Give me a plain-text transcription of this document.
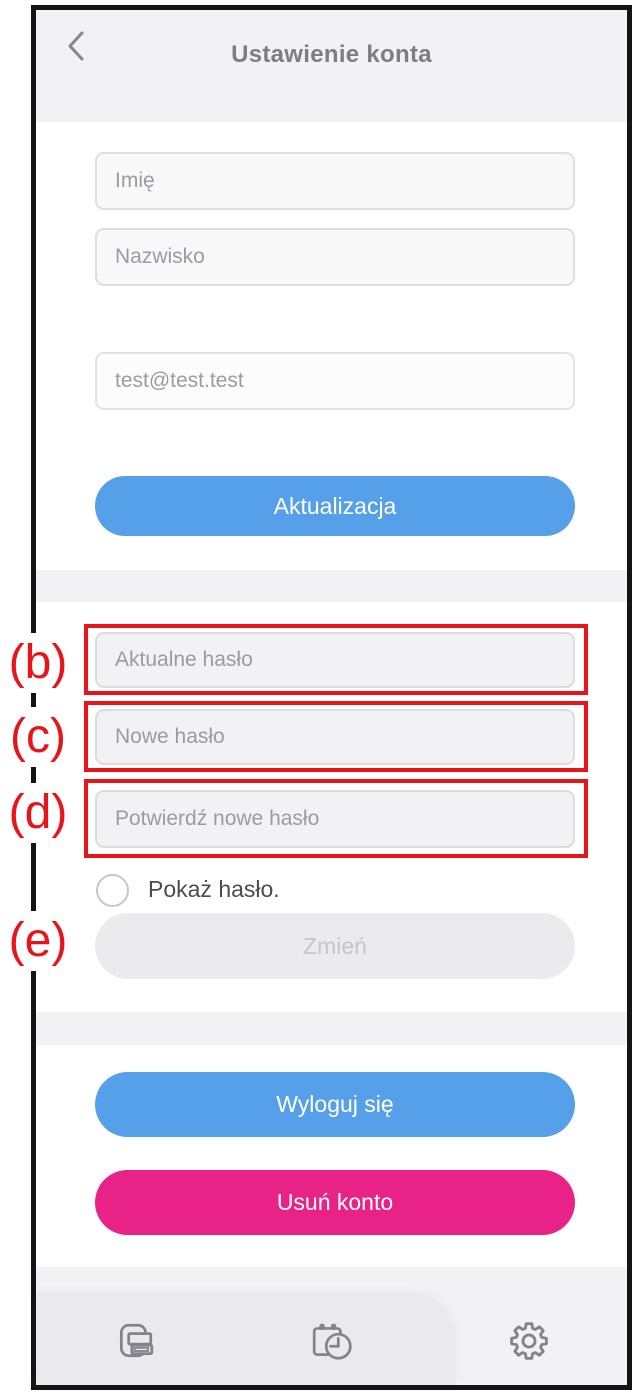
Ustawienie konta
Imię
Nazwisko
test@test.test
Aktualizacja
Aktualne hasło
Nowe hasło
Potwierdź nowe hasło
Pokaż hasło.
Zmień
Wyloguj się
Usuń konto
(b)
(c)
(d)
(e)
